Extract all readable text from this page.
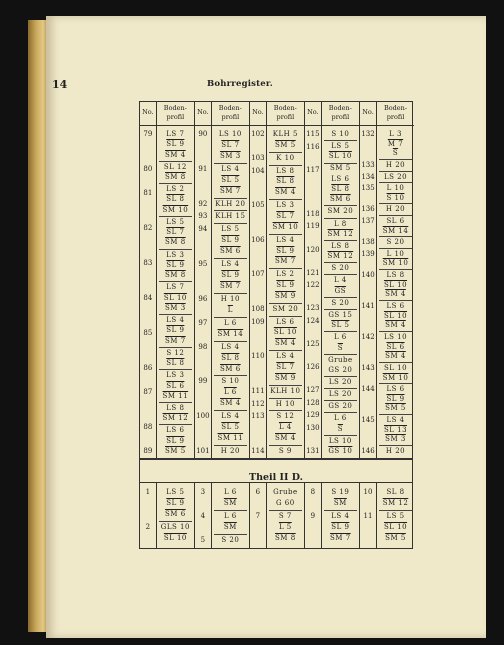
14	Bohrregister.
No.
79
80
81
82
83
84
85
86
87
88
89
Boden-
profil
LS 7
SL 9
SM 4
SL 12
SM 8
LS 2
SL 8
SM 10
LS 5
SL 7
SM 8
LS 3
SL 9
SM 8
LS 7
SL 10
SM 3
LS 4
SL 9
SM 7
S 12
SL 8
LS 3
SL 6
SM 11
LS 8
SM 12
LS 6
SL 9
SM 5
No.
90
91
92
93
94
95
96
97
98
99
100
101
Boden-
profil
LS 10
SL 7
SM 3
LS 4
SL 5
SM 7
KLH 20
KLH 15
LS 5
SL 9
SM 6
LS 4
SL 9
SM 7
H 10
$\overline{L}$
L 6
SM 14
LS 4
SL 8
SM 6
S 10
L 6
SM 4
LS 4
SL 5
SM 11
H 20
No.
102
103
104
105
106
107
108
109
110
111
112
113
114
Boden-
profil
KLH 5
SM 5
K 10
LS 8
SL 8
SM 4
LS 3
SL 7
SM 10
LS 4
SL 9
SM 7
LS 2
SL 9
SM 9
SM 20
LS 6
SL 10
SM 4
LS 4
SL 7
SM 9
KLH 10
H 10
S 12
L 4
SM 4
S 9
No.
115
116
117
118
119
120
121
122
123
124
125
126
127
128
129
130
131
Boden-
profil
S 10
LS 5
SL 10
SM 5
LS 6
SL 8
SM 6
SM 20
L 8
SM 12
LS 8
SM 12
S 20
L 4
$\overline{GS}$
S 20
GS 15
SL 5
L 6
$\overline{S}$
Grube
GS 20
LS 20
LS 20
GS 20
L 6
$\overline{S}$
LS 10
GS 10
No.
132
133
134
135
136
137
138
139
140
141
142
143
144
145
146
Boden-
profil
L 3
M 7
$\overline{S}$
H 20
LS 20
L 10
S 10
H 20
SL 6
SM 14
S 20
L 10
SM 10
LS 8
SL 10
SM 4
LS 6
SL 10
SM 4
LS 10
SL 6
SM 4
SL 10
SM 10
LS 6
SL 9
SM 5
LS 4
SL 13
SM 3
H 20
Theil II D.
1
2
LS 5
SL 9
SM 6
GLS 10
SL 10
3
4
5
L 6
$\overline{SM}$
L 6
$\overline{SM}$
S 20
6
7
Grube
G 60
S 7
L 5
SM 8
8
9
S 19
$\overline{SM}$
LS 4
SL 9
SM 7
10
11
SL 8
SM 12
LS 5
SL 10
SM 5
